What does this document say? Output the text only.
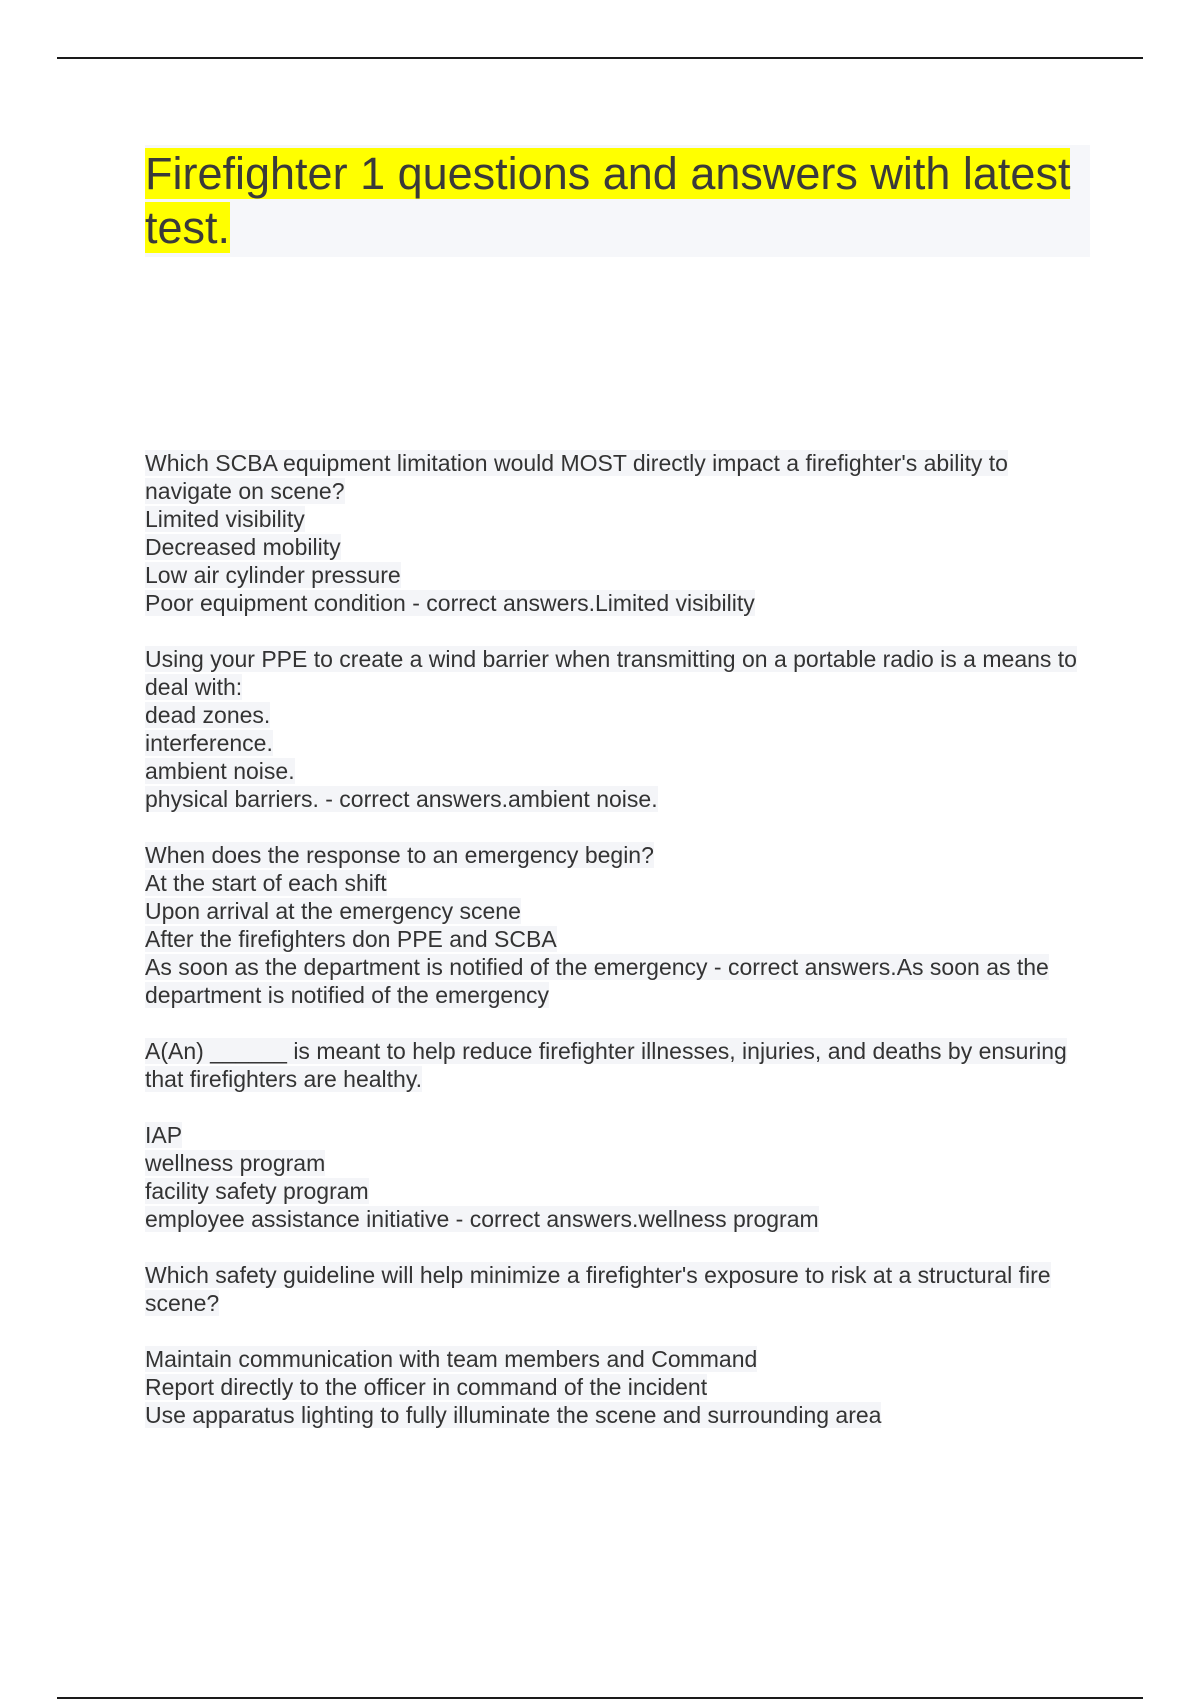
Firefighter 1 questions and answers with latest test.
Which SCBA equipment limitation would MOST directly impact a firefighter's ability to navigate on scene?
Limited visibility
Decreased mobility
Low air cylinder pressure
Poor equipment condition - correct answers.Limited visibility
Using your PPE to create a wind barrier when transmitting on a portable radio is a means to deal with:
dead zones.
interference.
ambient noise.
physical barriers. - correct answers.ambient noise.
When does the response to an emergency begin?
At the start of each shift
Upon arrival at the emergency scene
After the firefighters don PPE and SCBA
As soon as the department is notified of the emergency - correct answers.As soon as the department is notified of the emergency
A(An) ______ is meant to help reduce firefighter illnesses, injuries, and deaths by ensuring that firefighters are healthy.
IAP
wellness program
facility safety program
employee assistance initiative - correct answers.wellness program
Which safety guideline will help minimize a firefighter's exposure to risk at a structural fire scene?
Maintain communication with team members and Command
Report directly to the officer in command of the incident
Use apparatus lighting to fully illuminate the scene and surrounding area
